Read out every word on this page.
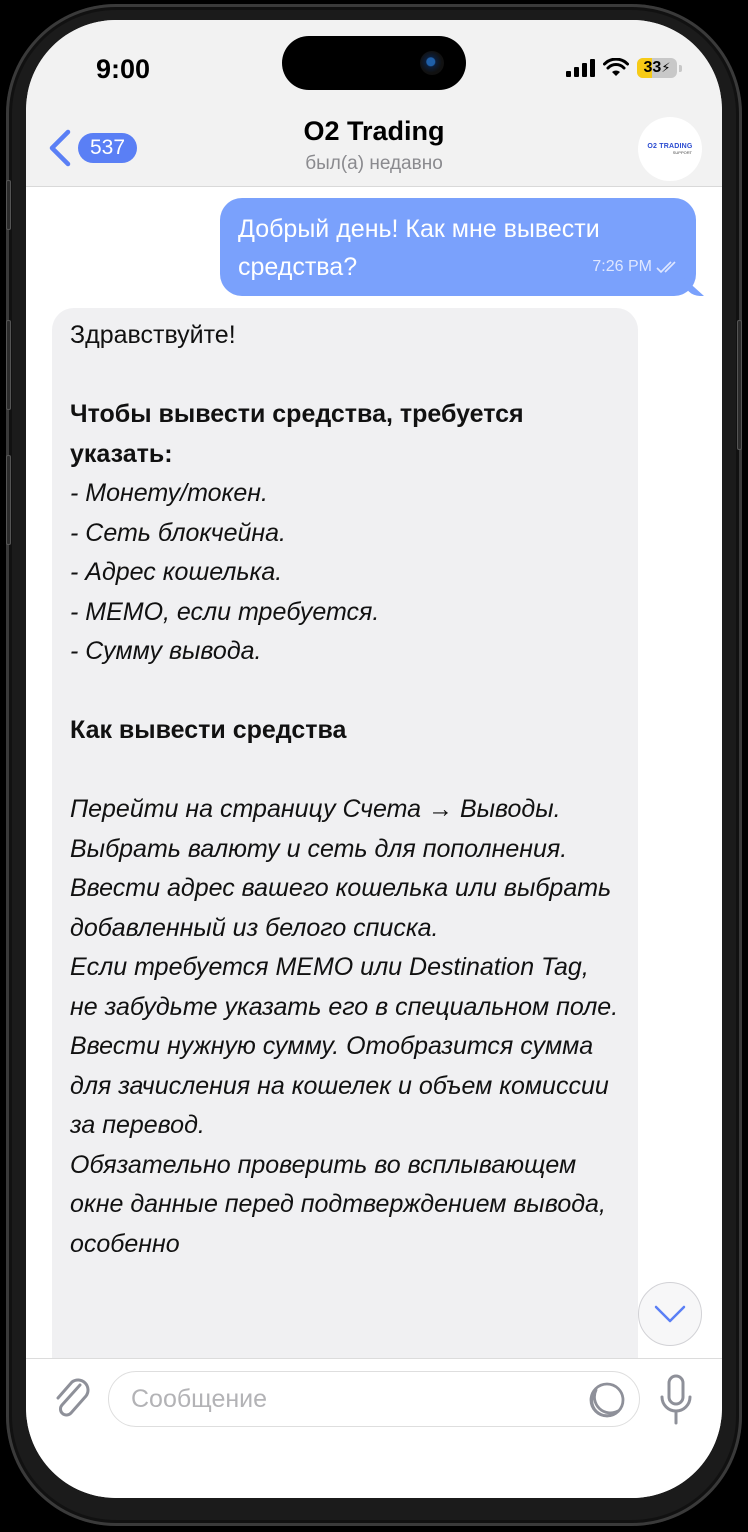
9:00	33 ⚡
537
O2 Trading
был(а) недавно
O2 TRADING
SUPPORT
Добрый день! Как мне вывести средства?	7:26 PM

Здравствуйте!

Чтобы вывести средства, требуется указать:

- Монету/токен.

- Сеть блокчейна.

- Адрес кошелька.

- МЕМО, если требуется.

- Сумму вывода.

Как вывести средства

Перейти на страницу Счета → Выводы.

Выбрать валюту и сеть для пополнения.

Ввести адрес вашего кошелька или выбрать добавленный из белого списка.

Если требуется МЕМО или Destination Tag, не забудьте указать его в специальном поле.

Ввести нужную сумму. Отобразится сумма для зачисления на кошелек и объем комиссии за перевод.

Обязательно проверить во всплывающем окне данные перед подтверждением вывода, особенно

Сообщение
